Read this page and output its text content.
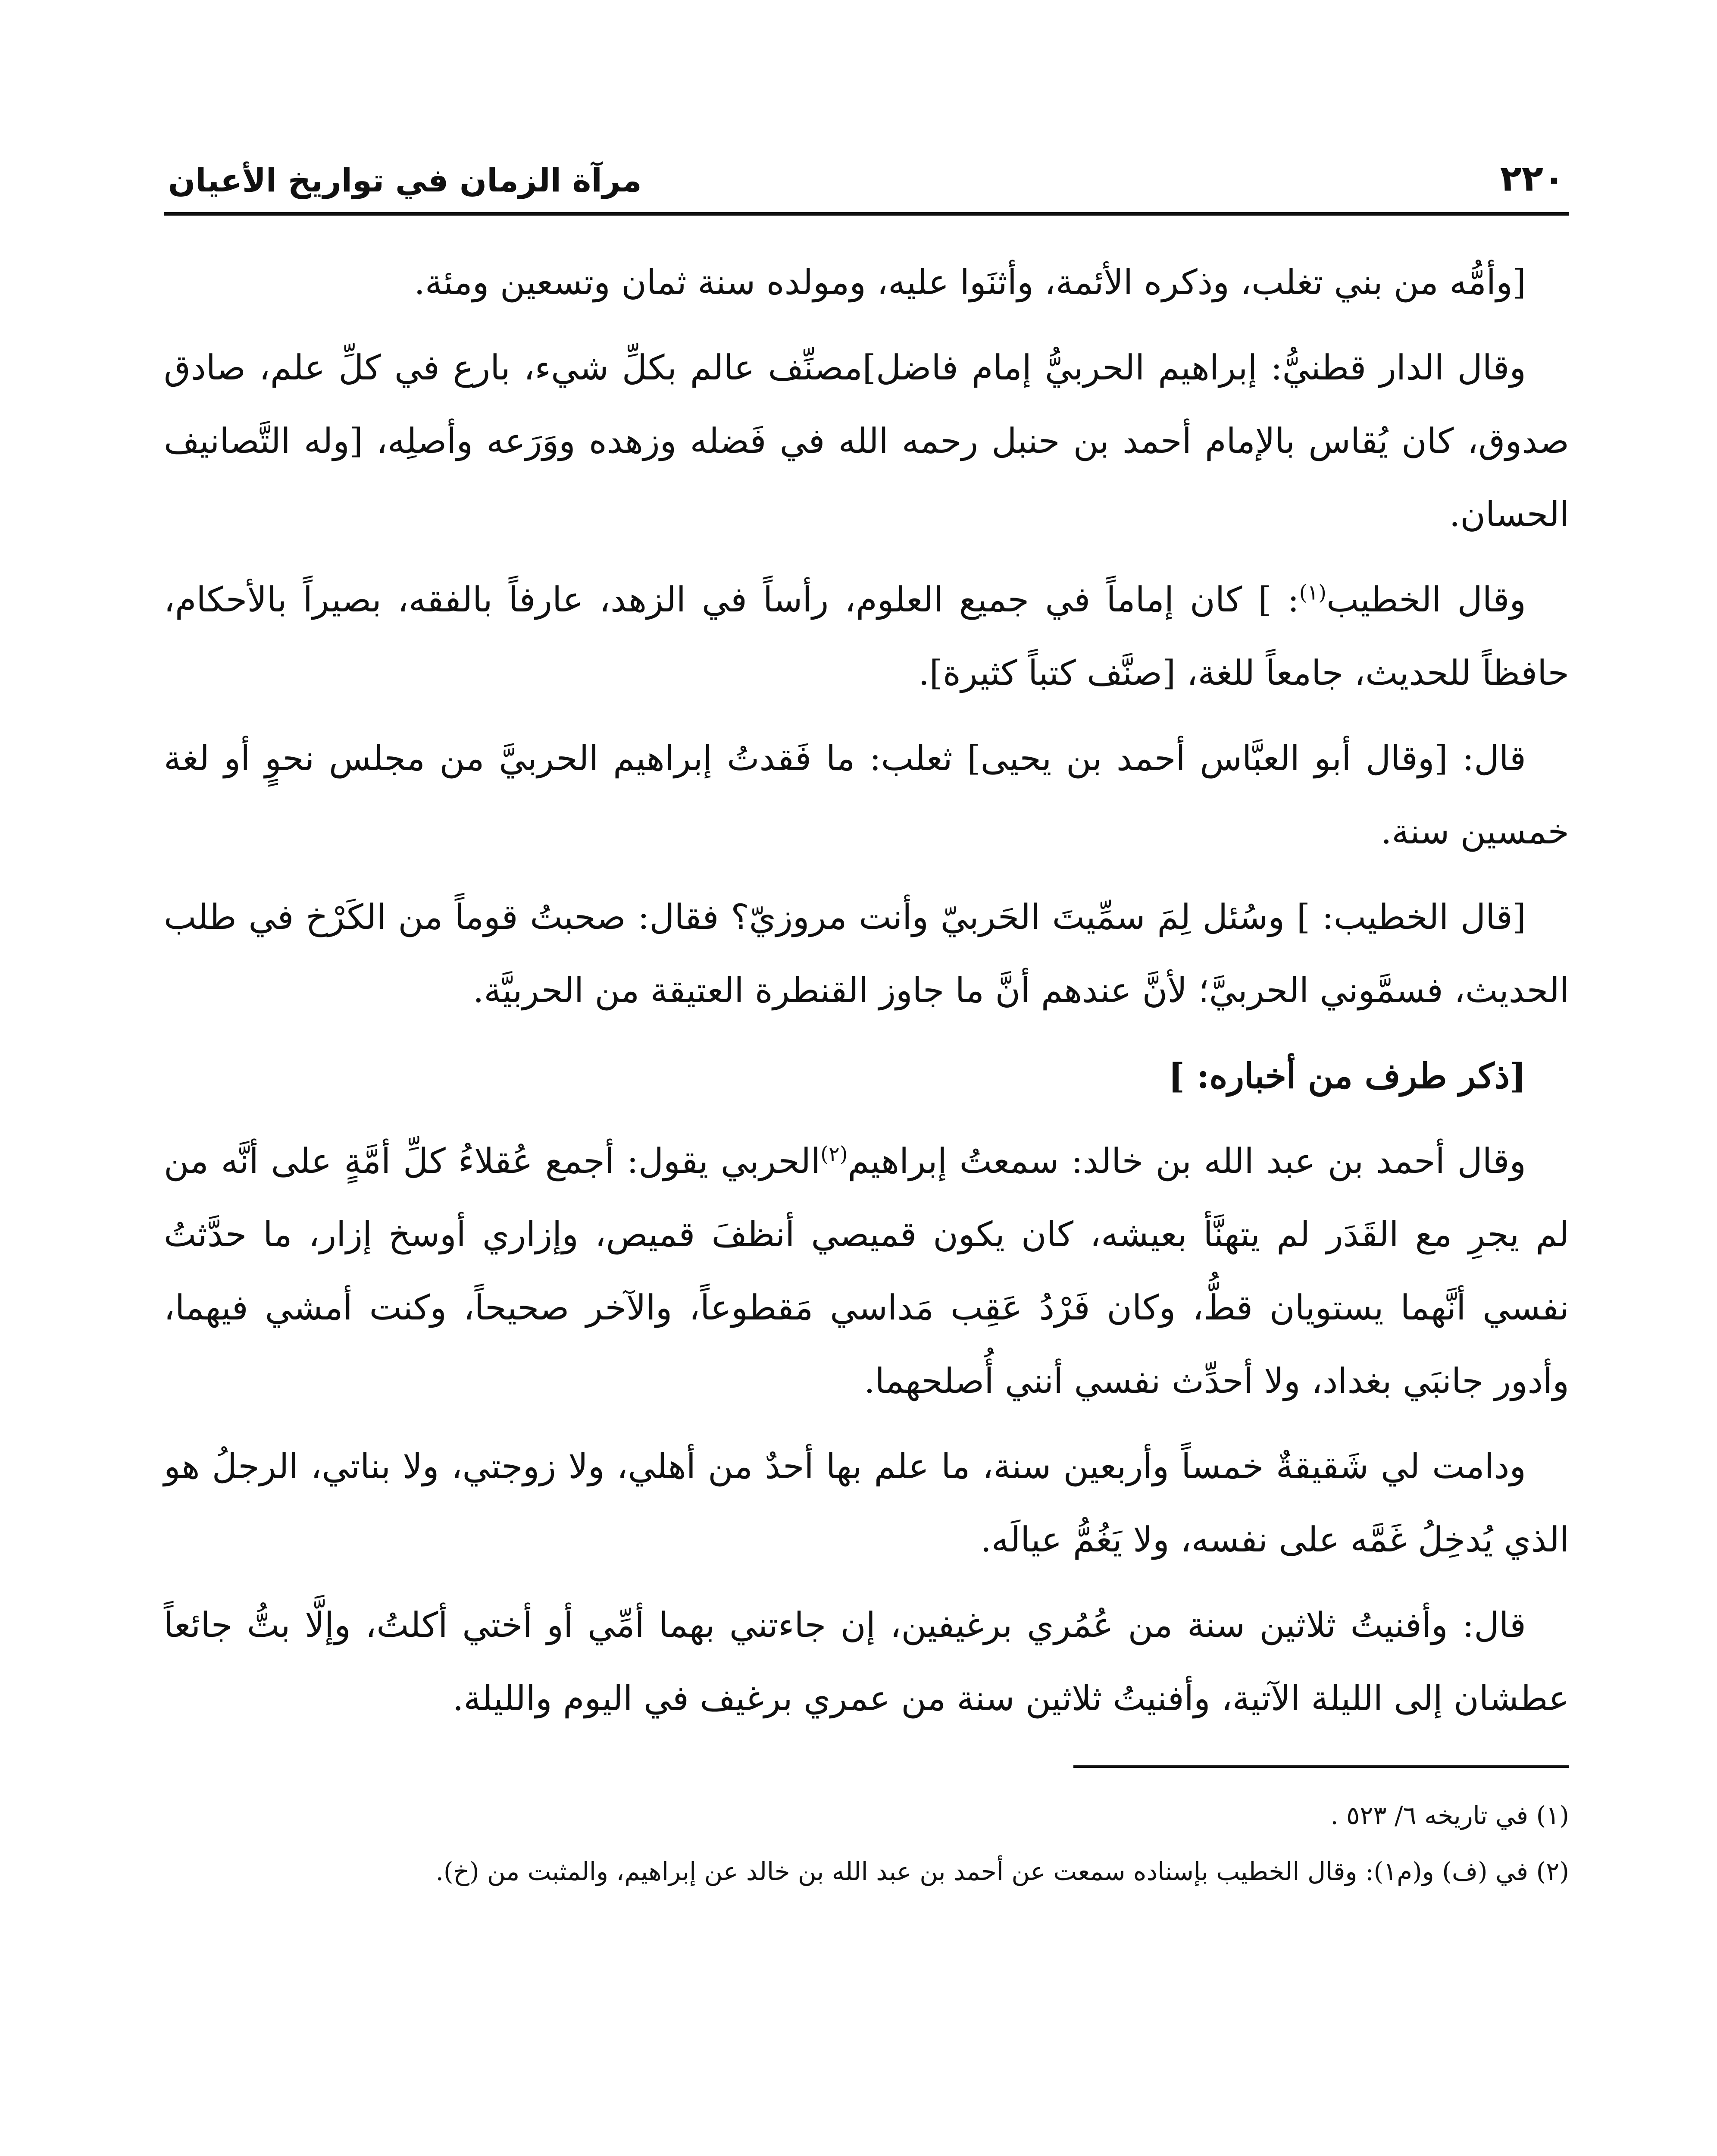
٢٢٠
مرآة الزمان في تواريخ الأعيان

[وأمُّه من بني تغلب، وذكره الأئمة، وأثنَوا عليه، ومولده سنة ثمان وتسعين ومئة.

وقال الدار قطنيُّ: إبراهيم الحربيُّ إمام فاضل]مصنِّف عالم بكلِّ شيء، بارع في كلِّ علم، صادق صدوق، كان يُقاس بالإمام أحمد بن حنبل رحمه الله في فَضله وزهده ووَرَعه وأصلِه، [وله التَّصانيف الحسان.

وقال الخطيب$^{(١)}$: ] كان إماماً في جميع العلوم، رأساً في الزهد، عارفاً بالفقه، بصيراً بالأحكام، حافظاً للحديث، جامعاً للغة، [صنَّف كتباً كثيرة].

قال: [وقال أبو العبَّاس أحمد بن يحيى] ثعلب: ما فَقدتُ إبراهيم الحربيَّ من مجلس نحوٍ أو لغة خمسين سنة.

[قال الخطيب: ] وسُئل لِمَ سمِّيتَ الحَربيّ وأنت مروزيّ؟ فقال: صحبتُ قوماً من الكَرْخ في طلب الحديث، فسمَّوني الحربيَّ؛ لأنَّ عندهم أنَّ ما جاوز القنطرة العتيقة من الحربيَّة.

[ذكر طرف من أخباره: ]

وقال أحمد بن عبد الله بن خالد: سمعتُ إبراهيم$^{(٢)}$الحربي يقول: أجمع عُقلاءُ كلِّ أمَّةٍ على أنَّه من لم يجرِ مع القَدَر لم يتهنَّأ بعيشه، كان يكون قميصي أنظفَ قميص، وإزاري أوسخ إزار، ما حدَّثتُ نفسي أنَّهما يستويان قطُّ، وكان فَرْدُ عَقِب مَداسي مَقطوعاً، والآخر صحيحاً، وكنت أمشي فيهما، وأدور جانبَي بغداد، ولا أحدِّث نفسي أنني أُصلحهما.

ودامت لي شَقيقةٌ خمساً وأربعين سنة، ما علم بها أحدٌ من أهلي، ولا زوجتي، ولا بناتي، الرجلُ هو الذي يُدخِلُ غَمَّه على نفسه، ولا يَغُمُّ عيالَه.

قال: وأفنيتُ ثلاثين سنة من عُمُري برغيفين، إن جاءتني بهما أمِّي أو أختي أكلتُ، وإلَّا بتُّ جائعاً عطشان إلى الليلة الآتية، وأفنيتُ ثلاثين سنة من عمري برغيف في اليوم والليلة.

(١) في تاريخه ٦/ ٥٢٣ .

(٢) في (ف) و(م١): وقال الخطيب بإسناده سمعت عن أحمد بن عبد الله بن خالد عن إبراهيم، والمثبت من (خ).
